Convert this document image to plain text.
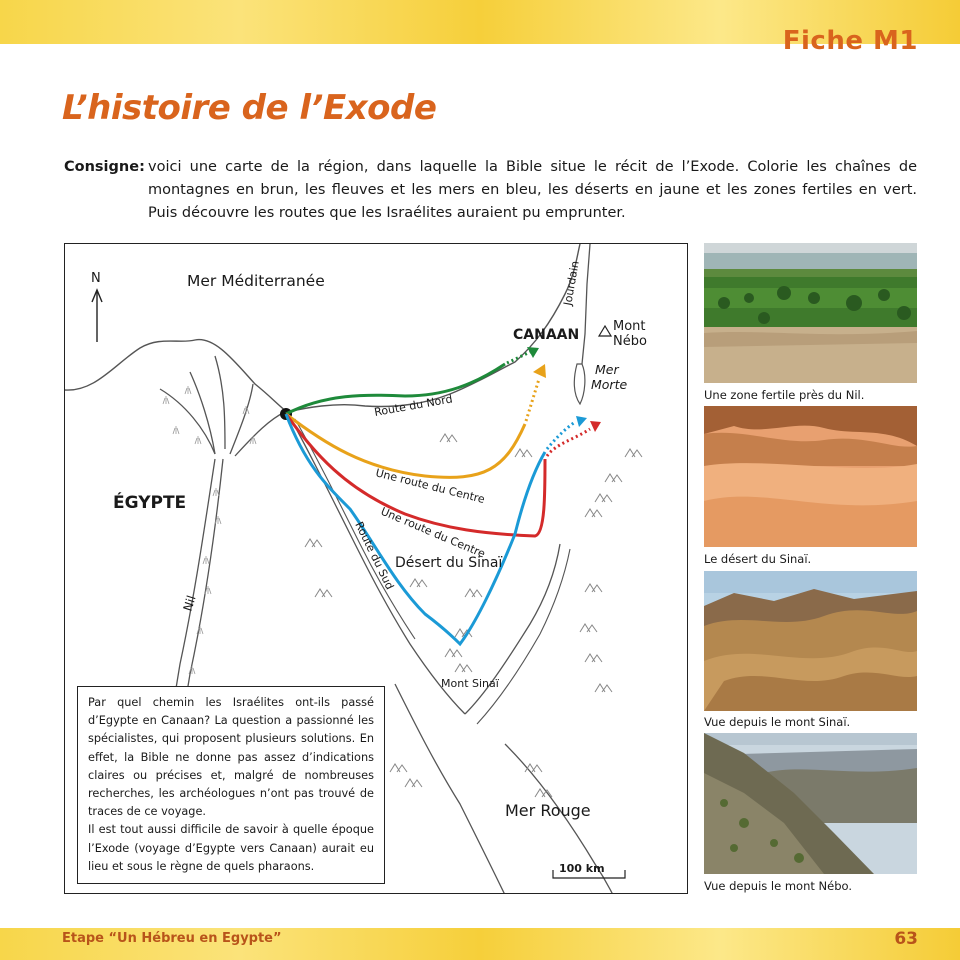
Fiche M1
L’histoire de l’Exode
Consigne: voici une carte de la région, dans laquelle la Bible situe le récit de l’Exode. Colorie les chaînes de montagnes en brun, les fleuves et les mers en bleu, les déserts en jaune et les zones fertiles en vert. Puis découvre les routes que les Israélites auraient pu emprunter.
N	Mer Méditerranée	Jourdain
CANAAN
Mont
Nébo
Mer
Morte
ÉGYPTE
Nil
Désert du Sinaï
Mont Sinaï
Mer Rouge
100 km
Route du Nord
Une route du Centre
Une route du Centre
Route du Sud

Par quel chemin les Israélites ont-ils passé d’Egypte en Canaan? La question a passionné les spécialistes, qui proposent plusieurs solutions. En effet, la Bible ne donne pas assez d’indications claires ou précises et, malgré de nombreuses recherches, les archéologues n’ont pas trouvé de traces de ce voyage.

Il est tout aussi difficile de savoir à quelle époque l’Exode (voyage d’Egypte vers Canaan) aurait eu lieu et sous le règne de quels pharaons.

Une zone fertile près du Nil.
Le désert du Sinaï.
Vue depuis le mont Sinaï.
Vue depuis le mont Nébo.
Etape “Un Hébreu en Egypte”	63
